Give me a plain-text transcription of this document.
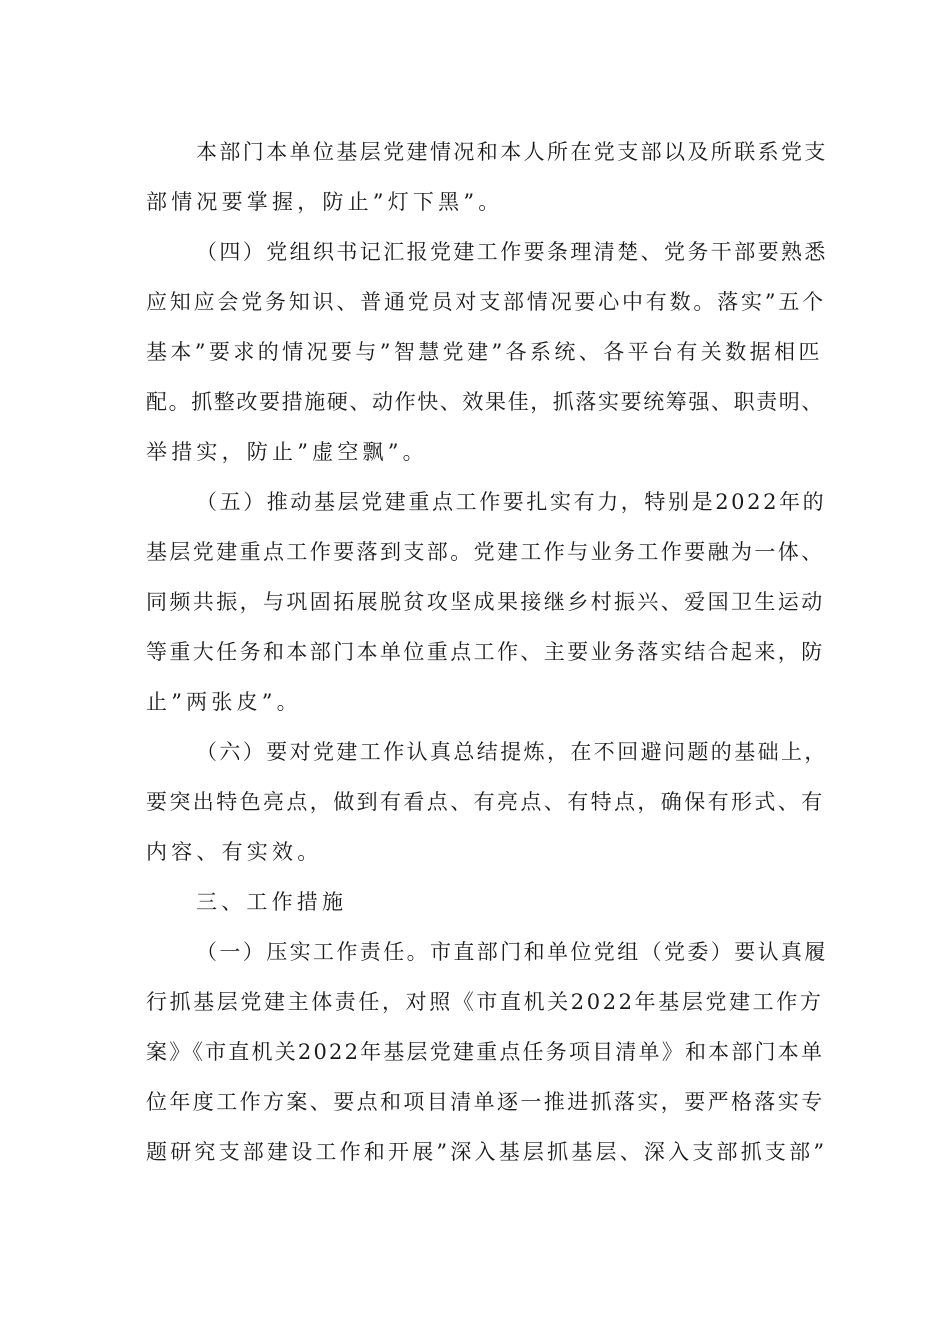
本部门本单位基层党建情况和本人所在党支部以及所联系党支
部情况要掌握，防止”灯下黑”。
（四）党组织书记汇报党建工作要条理清楚、党务干部要熟悉
应知应会党务知识、普通党员对支部情况要心中有数。落实”五个
基本”要求的情况要与”智慧党建”各系统、各平台有关数据相匹
配。抓整改要措施硬、动作快、效果佳，抓落实要统筹强、职责明、
举措实，防止”虚空飘”。
（五）推动基层党建重点工作要扎实有力，特别是2022年的
基层党建重点工作要落到支部。党建工作与业务工作要融为一体、
同频共振，与巩固拓展脱贫攻坚成果接继乡村振兴、爱国卫生运动
等重大任务和本部门本单位重点工作、主要业务落实结合起来，防
止”两张皮”。
（六）要对党建工作认真总结提炼，在不回避问题的基础上，
要突出特色亮点，做到有看点、有亮点、有特点，确保有形式、有
内容、有实效。
三、工作措施
（一）压实工作责任。市直部门和单位党组（党委）要认真履
行抓基层党建主体责任，对照《市直机关2022年基层党建工作方
案》《市直机关2022年基层党建重点任务项目清单》和本部门本单
位年度工作方案、要点和项目清单逐一推进抓落实，要严格落实专
题研究支部建设工作和开展”深入基层抓基层、深入支部抓支部”
